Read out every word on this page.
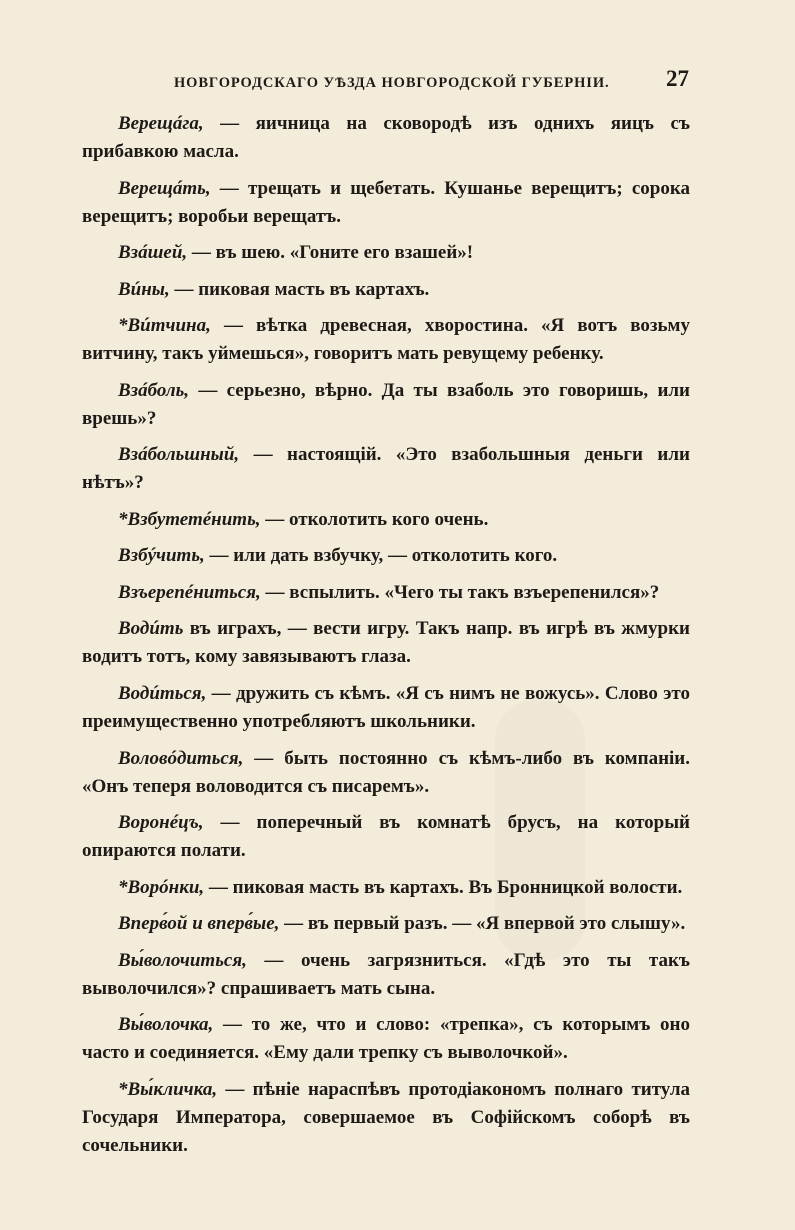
НОВГОРОДСКАГО УѢЗДА НОВГОРОДСКОЙ ГУБЕРНІИ. 27

Верещáга, — яичница на сковородѣ изъ однихъ яицъ съ прибавкою масла.

Верещáть, — трещать и щебетать. Кушанье верещитъ; сорока верещитъ; воробьи верещатъ.

Взáшей, — въ шею. «Гоните его взашей»!

Вúны, — пиковая масть въ картахъ.

*Вúтчина, — вѣтка древесная, хворостина. «Я вотъ возьму витчину, такъ уймешься», говоритъ мать ревущему ребенку.

Взáболь, — серьезно, вѣрно. Да ты взаболь это говоришь, или врешь»?

Взáбольшный, — настоящій. «Это взабольшныя деньги или нѣтъ»?

*Взбутетéнить, — отколотить кого очень.

Взбýчить, — или дать взбучку, — отколотить кого.

Взъерепéниться, — вспылить. «Чего ты такъ взъерепенился»?

Водúть въ играхъ, — вести игру. Такъ напр. въ игрѣ въ жмурки водитъ тотъ, кому завязываютъ глаза.

Водúться, — дружить съ кѣмъ. «Я съ нимъ не вожусь». Слово это преимущественно употребляютъ школьники.

Воловóдиться, — быть постоянно съ кѣмъ-либо въ компаніи. «Онъ теперя воловодится съ писаремъ».

Воронéцъ, — поперечный въ комнатѣ брусъ, на который опираются полати.

*Ворóнки, — пиковая масть въ картахъ. Въ Бронницкой волости.

Вперв́ой и вперв́ые, — въ первый разъ. — «Я впервой это слышу».

Вы́волочиться, — очень загрязниться. «Гдѣ это ты такъ выволочился»? спрашиваетъ мать сына.

Вы́волочка, — то же, что и слово: «трепка», съ которымъ оно часто и соединяется. «Ему дали трепку съ выволочкой».

*Вы́кличка, — пѣніе нараспѣвъ протодіакономъ полнаго титула Государя Императора, совершаемое въ Софійскомъ соборѣ въ сочельники.
